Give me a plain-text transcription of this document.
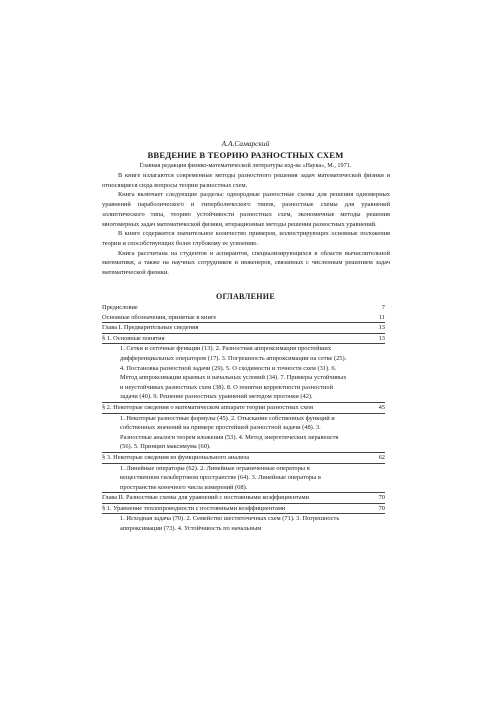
А.А.Самарский
ВВЕДЕНИЕ В ТЕОРИЮ РАЗНОСТНЫХ СХЕМ
Главная редакция физико-математической литературы изд-ва «Наука», М., 1971.

В книге излагаются современные методы разностного решения задач математической физики и относящиеся сюда вопросы теории разностных схем.

Книга включает следующие разделы: однородные разностные схемы для решения одномерных уравнений параболического и гиперболического типов, разностные схемы для уравнений эллиптического типа, теорию устойчивости разностных схем, экономичные методы решения многомерных задач математической физики, итерационные методы решения разностных уравнений.

В книге содержится значительное количество примеров, иллюстрирующих основные положения теории и способствующих более глубокому ее усвоению.

Книга рассчитана на студентов и аспирантов, специализирующихся в области вычислительной математики, а также на научных сотрудников и инженеров, связанных с численным решением задач математической физики.

ОГЛАВЛЕНИЕ
Предисловие	7
Основные обозначения, принятые в книге	11
Глава I. Предварительные сведения	13
§ 1. Основные понятия	13
1. Сетки и сеточные функции (13). 2. Разностная аппроксимация простейших дифференциальных операторов (17). 3. Погрешность аппроксимации на сетке (25). 4. Постановка разностной задачи (29). 5. О сходимости и точности схем (31). 6. Метод аппроксимации краевых и начальных условий (34). 7. Примеры устойчивых и неустойчивых разностных схем (38). 8. О понятии корректности разностной задачи (40). 9. Решение разностных уравнений методом прогонки (42).
§ 2. Некоторые сведения о математическом аппарате теории разностных схем	45
1. Некоторые разностные формулы (45). 2. Отыскание собственных функций и собственных значений на примере простейшей разностной задачи (48). 3. Разностные аналоги теорем вложения (53). 4. Метод энергетических неравенств (56). 5. Принцип максимума (60).
§ 3. Некоторые сведения из функционального анализа	62
1. Линейные операторы (62). 2. Линейные ограниченные операторы в вещественном гильбертовом пространстве (64). 3. Линейные операторы в пространстве конечного числа измерений (68).
Глава II. Разностные схемы для уравнений с постоянными коэффициентами	70
§ 1. Уравнение теплопроводности с постоянными коэффициентами	70
1. Исходная задача (70). 2. Семейство шеститочечных схем (71). 3. Погрешность аппроксимации (73). 4. Устойчивость по начальным
